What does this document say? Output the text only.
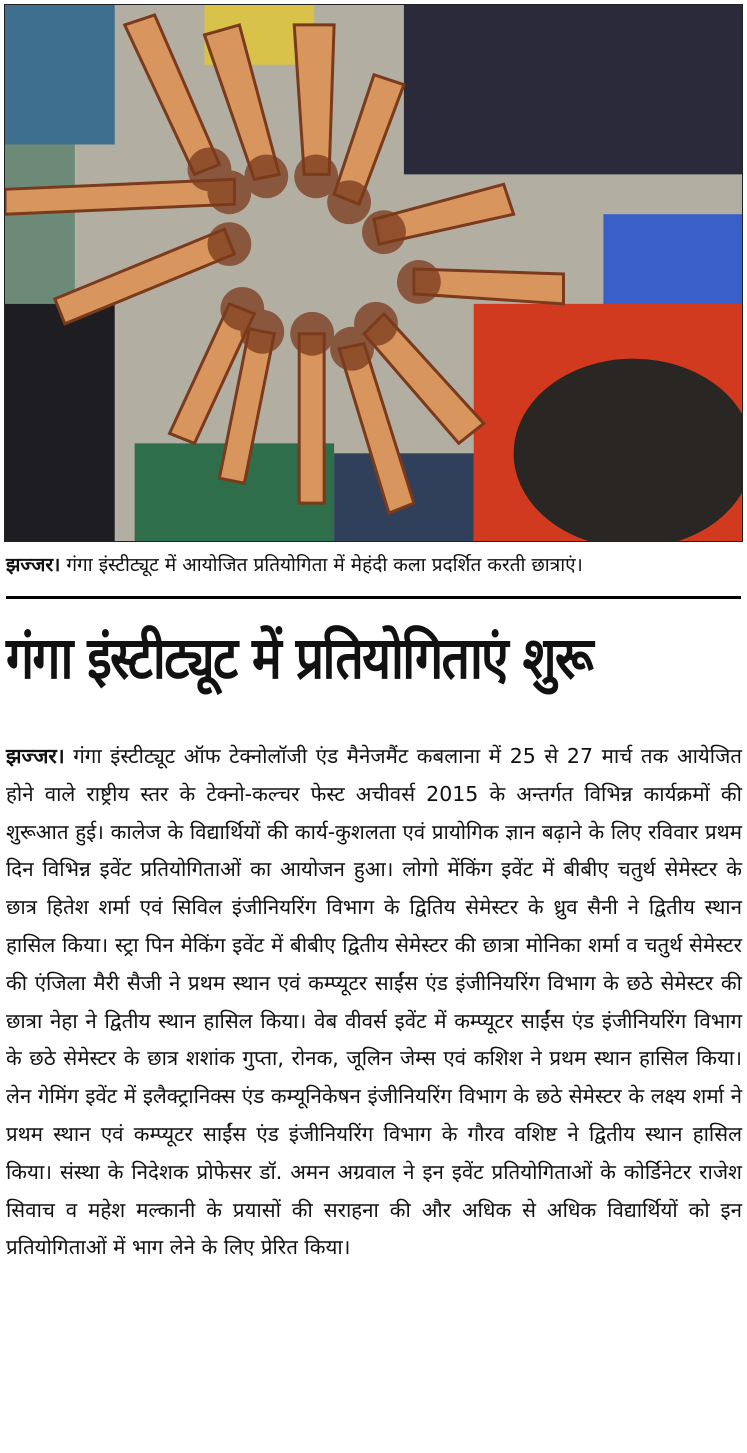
झज्जर। गंगा इंस्टीट्यूट में आयोजित प्रतियोगिता में मेहंदी कला प्रदर्शित करती छात्राएं।
गंगा इंस्टीट्यूट में प्रतियोगिताएं शुरू
झज्जर। गंगा इंस्टीट्यूट ऑफ टेक्नोलॉजी एंड मैनेजमैंट कबलाना में 25 से 27 मार्च तक आयेजित होने वाले राष्ट्रीय स्तर के टेक्नो-कल्चर फेस्ट अचीवर्स 2015 के अन्तर्गत विभिन्न कार्यक्रमों की शुरूआत हुई। कालेज के विद्यार्थियों की कार्य-कुशलता एवं प्रायोगिक ज्ञान बढ़ाने के लिए रविवार प्रथम दिन विभिन्न इवेंट प्रतियोगिताओं का आयोजन हुआ। लोगो मेंकिंग इवेंट में बीबीए चतुर्थ सेमेस्टर के छात्र हितेश शर्मा एवं सिविल इंजीनियरिंग विभाग के द्वितिय सेमेस्टर के ध्रुव सैनी ने द्वितीय स्थान हासिल किया। स्ट्रा पिन मेकिंग इवेंट में बीबीए द्वितीय सेमेस्टर की छात्रा मोनिका शर्मा व चतुर्थ सेमेस्टर की एंजिला मैरी सैजी ने प्रथम स्थान एवं कम्प्यूटर साईंस एंड इंजीनियरिंग विभाग के छठे सेमेस्टर की छात्रा नेहा ने द्वितीय स्थान हासिल किया। वेब वीवर्स इवेंट में कम्प्यूटर साईंस एंड इंजीनियरिंग विभाग के छठे सेमेस्टर के छात्र शशांक गुप्ता, रोनक, जूलिन जेम्स एवं कशिश ने प्रथम स्थान हासिल किया। लेन गेमिंग इवेंट में इलैक्ट्रानिक्स एंड कम्यूनिकेषन इंजीनियरिंग विभाग के छठे सेमेस्टर के लक्ष्य शर्मा ने प्रथम स्थान एवं कम्प्यूटर साईंस एंड इंजीनियरिंग विभाग के गौरव वशिष्ट ने द्वितीय स्थान हासिल किया। संस्था के निदेशक प्रोफेसर डॉ. अमन अग्रवाल ने इन इवेंट प्रतियोगिताओं के कोर्डिनेटर राजेश सिवाच व महेश मल्कानी के प्रयासों की सराहना की और अधिक से अधिक विद्यार्थियों को इन प्रतियोगिताओं में भाग लेने के लिए प्रेरित किया।
